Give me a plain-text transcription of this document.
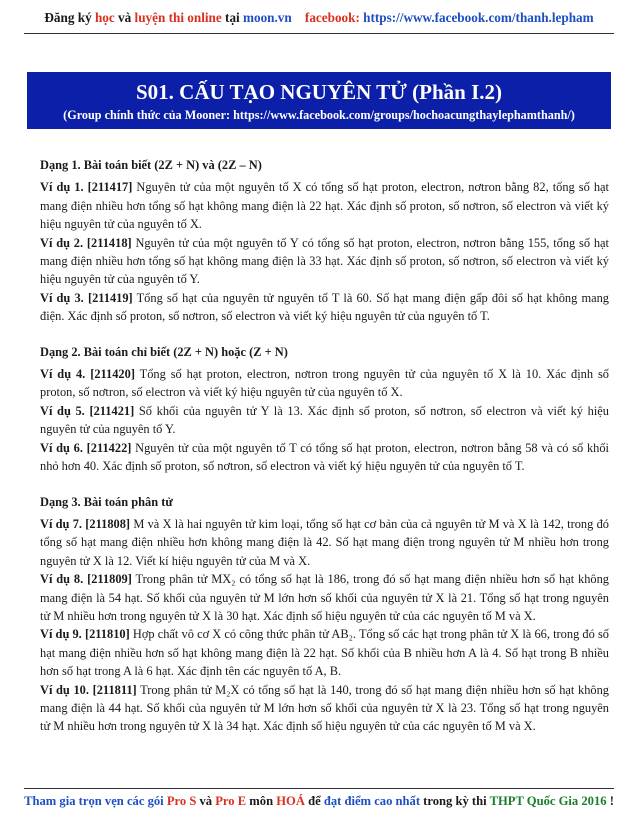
Đăng ký học và luyện thi online tại moon.vn    facebook: https://www.facebook.com/thanh.lepham
S01. CẤU TẠO NGUYÊN TỬ (Phần I.2)
(Group chính thức của Mooner: https://www.facebook.com/groups/hochoacungthaylephamthanh/)
Dạng 1. Bài toán biết (2Z + N) và (2Z – N)

Ví dụ 1. [211417] Nguyên tử của một nguyên tố X có tổng số hạt proton, electron, nơtron bằng 82, tổng số hạt mang điện nhiều hơn tổng số hạt không mang điện là 22 hạt. Xác định số proton, số nơtron, số electron và viết ký hiệu nguyên tử của nguyên tố X.

Ví dụ 2. [211418] Nguyên tử của một nguyên tố Y có tổng số hạt proton, electron, nơtron bằng 155, tổng số hạt mang điện nhiều hơn tổng số hạt không mang điện là 33 hạt. Xác định số proton, số nơtron, số electron và viết ký hiệu nguyên tử của nguyên tố Y.

Ví dụ 3. [211419] Tổng số hạt của nguyên tử nguyên tố T là 60. Số hạt mang điện gấp đôi số hạt không mang điện. Xác định số proton, số nơtron, số electron và viết ký hiệu nguyên tử của nguyên tố T.

Dạng 2. Bài toán chỉ biết (2Z + N) hoặc (Z + N)

Ví dụ 4. [211420] Tổng số hạt proton, electron, nơtron trong nguyên tử của nguyên tố X là 10. Xác định số proton, số nơtron, số electron và viết ký hiệu nguyên tử của nguyên tố X.

Ví dụ 5. [211421] Số khối của nguyên tử Y là 13. Xác định số proton, số nơtron, số electron và viết ký hiệu nguyên tử của nguyên tố Y.

Ví dụ 6. [211422] Nguyên tử của một nguyên tố T có tổng số hạt proton, electron, nơtron bằng 58 và có số khối nhỏ hơn 40. Xác định số proton, số nơtron, số electron và viết ký hiệu nguyên tử của nguyên tố T.

Dạng 3. Bài toán phân tử

Ví dụ 7. [211808] M và X là hai nguyên tử kim loại, tổng số hạt cơ bản của cả nguyên tử M và X là 142, trong đó tổng số hạt mang điện nhiều hơn không mang điện là 42. Số hạt mang điện trong nguyên tử M nhiều hơn trong nguyên tử X là 12. Viết kí hiệu nguyên tử của M và X.

Ví dụ 8. [211809] Trong phân tử MX₂ có tổng số hạt là 186, trong đó số hạt mang điện nhiều hơn số hạt không mang điện là 54 hạt. Số khối của nguyên tử M lớn hơn số khối của nguyên tử X là 21. Tổng số hạt trong nguyên tử M nhiều hơn trong nguyên tử X là 30 hạt. Xác định số hiệu nguyên tử của các nguyên tố M và X.

Ví dụ 9. [211810] Hợp chất vô cơ X có công thức phân tử AB₂. Tổng số các hạt trong phân tử X là 66, trong đó số hạt mang điện nhiều hơn số hạt không mang điện là 22 hạt. Số khối của B nhiều hơn A là 4. Số hạt trong B nhiều hơn số hạt trong A là 6 hạt. Xác định tên các nguyên tố A, B.

Ví dụ 10. [211811] Trong phân tử M₂X có tổng số hạt là 140, trong đó số hạt mang điện nhiều hơn số hạt không mang điện là 44 hạt. Số khối của nguyên tử M lớn hơn số khối của nguyên tử X là 23. Tổng số hạt trong nguyên tử M nhiều hơn trong nguyên tử X là 34 hạt. Xác định số hiệu nguyên tử của các nguyên tố M và X.

Tham gia trọn vẹn các gói Pro S và Pro E môn HOÁ để đạt điểm cao nhất trong kỳ thi THPT Quốc Gia 2016 !
